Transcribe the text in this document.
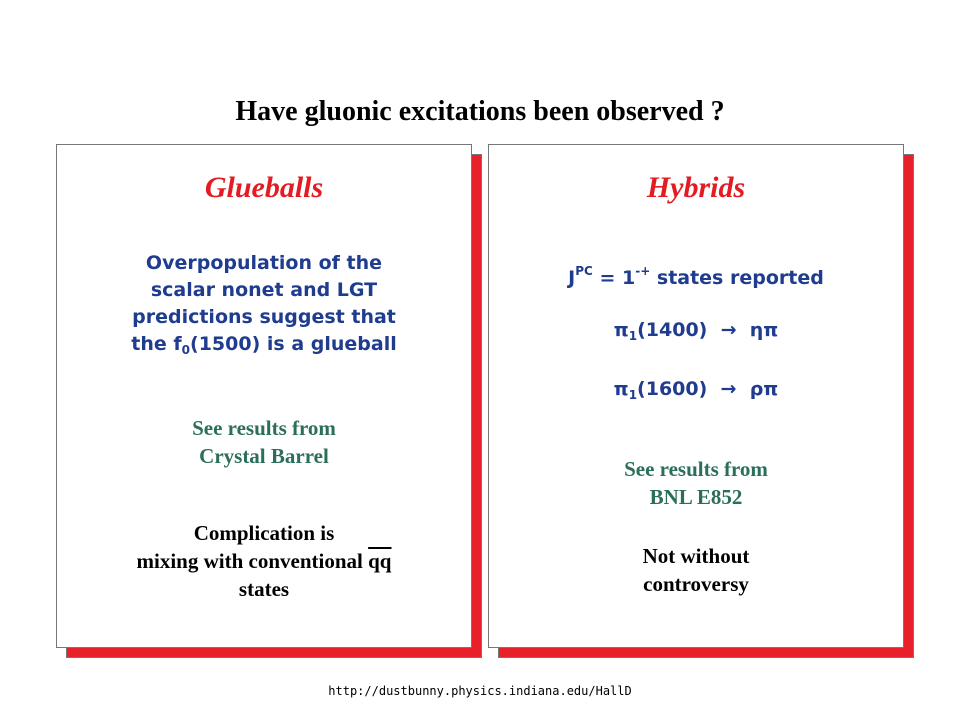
Have gluonic excitations been observed ?
Glueballs
Overpopulation of the
scalar nonet and LGT
predictions suggest that
the $f_0(1500)$ is a glueball
See results from
Crystal Barrel
Complication is
mixing with conventional $\overline{qq}$
states
Hybrids
$J^{PC} = 1^{-+}$ states reported
$\pi_1(1400) \to \eta\pi$
$\pi_1(1600) \to \rho\pi$
See results from
BNL E852
Not without
controversy
http://dustbunny.physics.indiana.edu/HallD
